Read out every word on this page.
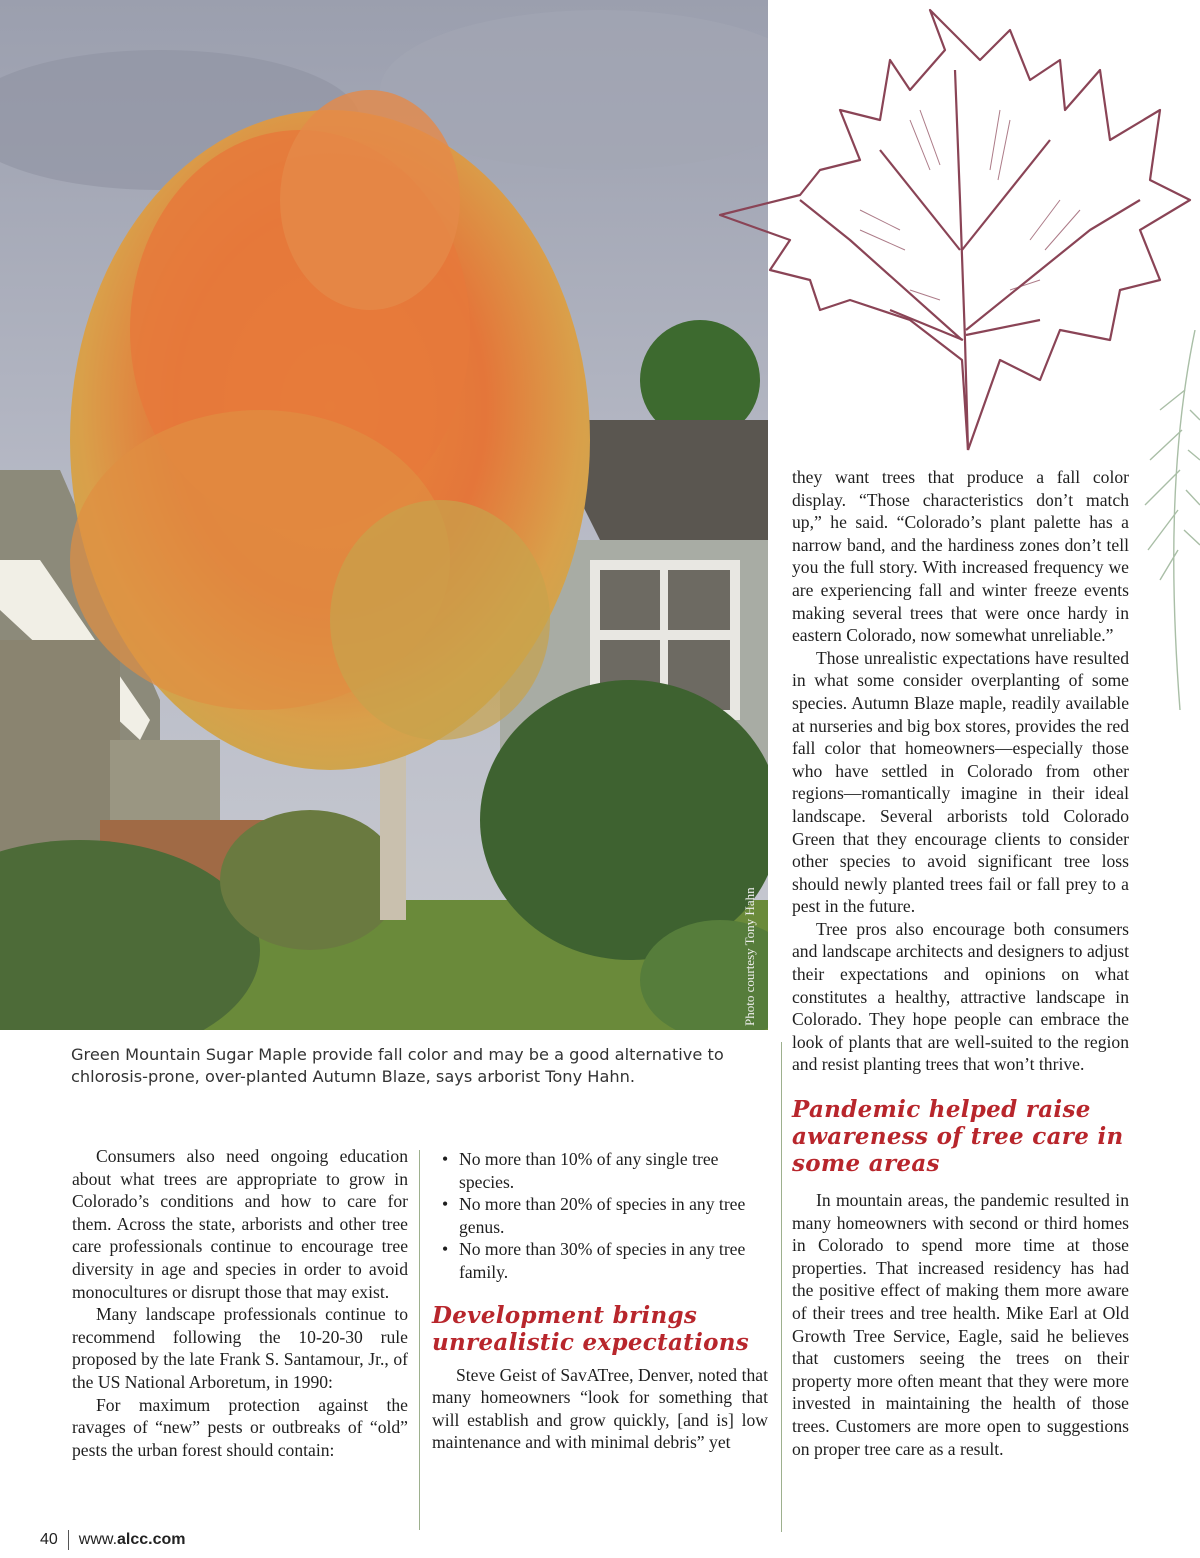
Photo courtesy Tony Hahn
Green Mountain Sugar Maple provide fall color and may be a good alternative to chlorosis-prone, over-planted Autumn Blaze, says arborist Tony Hahn.

they want trees that produce a fall color display. “Those characteristics don’t match up,” he said. “Colorado’s plant palette has a narrow band, and the hardiness zones don’t tell you the full story. With increased frequency we are experiencing fall and winter freeze events making several trees that were once hardy in eastern Colorado, now somewhat unreliable.”

Those unrealistic expectations have resulted in what some consider overplanting of some species. Autumn Blaze maple, readily available at nurseries and big box stores, provides the red fall color that homeowners—especially those who have settled in Colorado from other regions—romantically imagine in their ideal landscape. Several arborists told Colorado Green that they encourage clients to consider other species to avoid significant tree loss should newly planted trees fail or fall prey to a pest in the future.

Tree pros also encourage both consumers and landscape architects and designers to adjust their expectations and opinions on what constitutes a healthy, attractive landscape in Colorado. They hope people can embrace the look of plants that are well-suited to the region and resist planting trees that won’t thrive.

Pandemic helped raise awareness of tree care in some areas

In mountain areas, the pandemic resulted in many homeowners with second or third homes in Colorado to spend more time at those properties. That increased residency has had the positive effect of making them more aware of their trees and tree health. Mike Earl at Old Growth Tree Service, Eagle, said he believes that customers seeing the trees on their property more often meant that they were more invested in maintaining the health of those trees. Customers are more open to suggestions on proper tree care as a result.

Consumers also need ongoing education about what trees are appropriate to grow in Colorado’s conditions and how to care for them. Across the state, arborists and other tree care professionals continue to encourage tree diversity in age and species in order to avoid monocultures or disrupt those that may exist.

Many landscape professionals continue to recommend following the 10-20-30 rule proposed by the late Frank S. Santamour, Jr., of the US National Arboretum, in 1990:

For maximum protection against the ravages of “new” pests or outbreaks of “old” pests the urban forest should contain:

• No more than 10% of any single tree species.
• No more than 20% of species in any tree genus.
• No more than 30% of species in any tree family.
Development brings unrealistic expectations

Steve Geist of SavATree, Denver, noted that many homeowners “look for something that will establish and grow quickly, [and is] low maintenance and with minimal debris” yet

40 www.alcc.com
